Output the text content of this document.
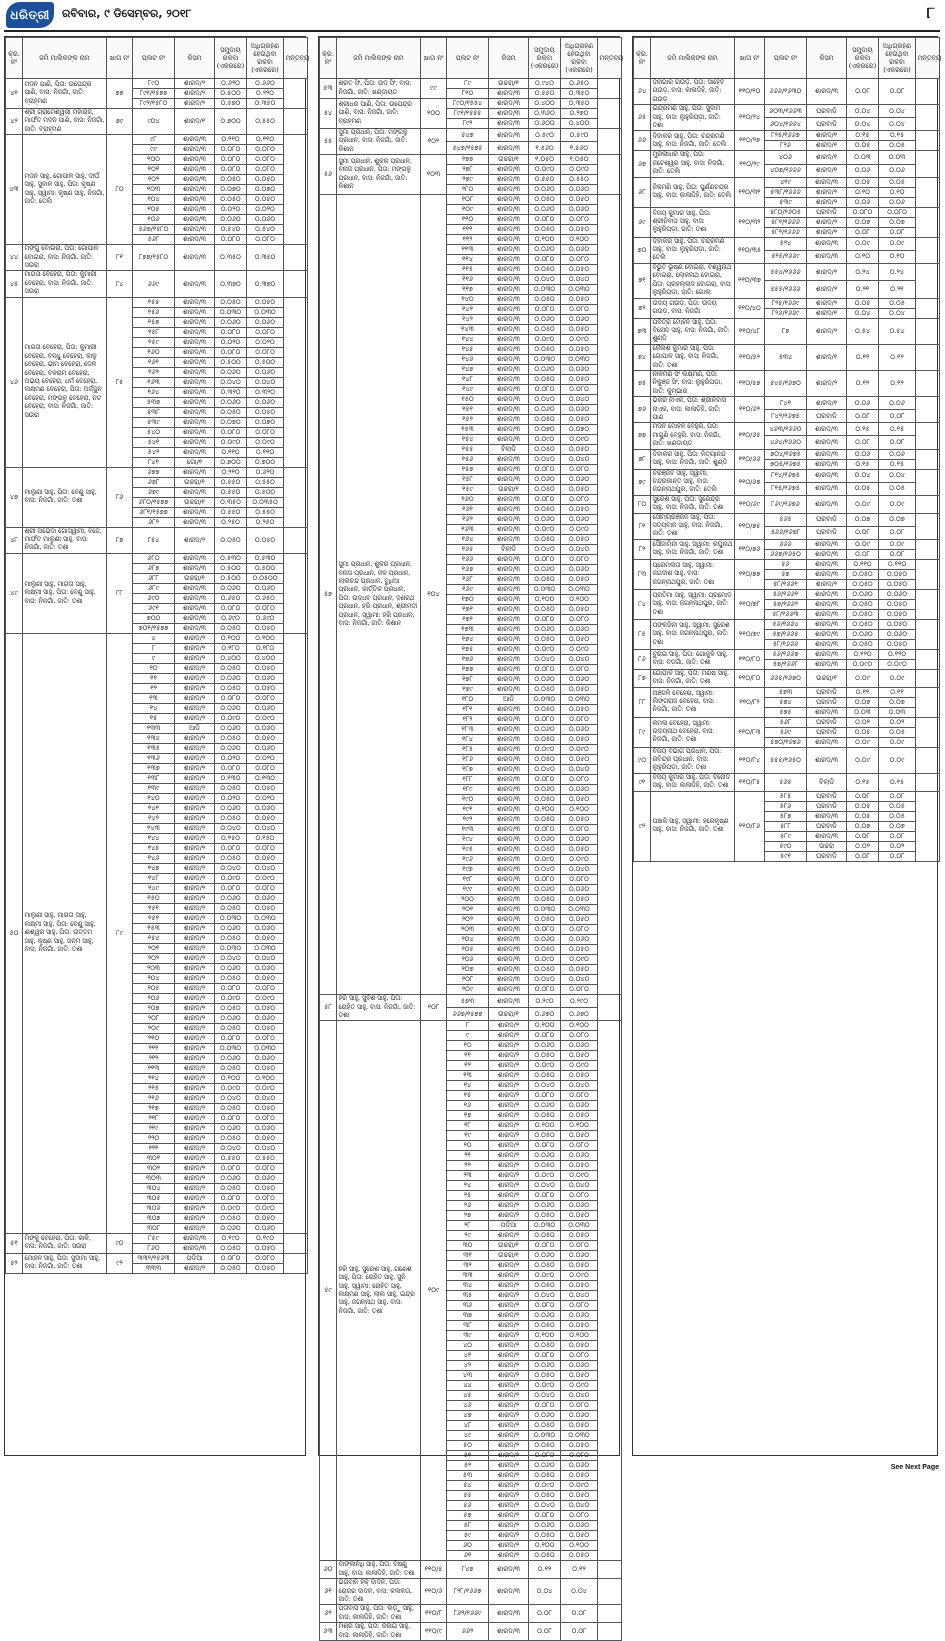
ଧରିତ୍ରୀ	ରବିବାର, ୯ ଡିସେମ୍ବର, ୨୦୧୮	୮
କ୍ର. ନଂ	ଜମି ମାଲିକଙ୍କ ନାମ	ଖାତା ନଂ	ପ୍ଲଟ ନଂ	କିସମ	ସମୁଦାୟ ରକବା (ଏକରରେ)	ଅଧିଗ୍ରହଣ ହେଉଥିବା ରକବା (ଏକରରେ)	ମନ୍ତବ୍ୟ
୪୧	ମଦନ ପାଣି, ପିତା: ଉପେନ୍ଦ୍ର ପାଣି, ବାସ: ନିଜଗାଁ, ଜାତି: ବ୍ରାହ୍ମଣ	୭୭	୮୯୦	ଶାରଦ/୨	୦.୬୨୦	୦.୬୬୦	
			୮୯୧/୧୫୭୭	ଶାରଦ/୨	୦.୫୦୦	୦.୨୨୦	
			୮୯୨/୧୫୮୦	ଶାରଦ/୨	୦.୫୭୦	୦.୩୫୦	
୪୨	ଶ୍ରୀ ଗ୍ରାମେଶ୍ୱରୀ ମହାରାଜ, ମାର୍ଫତ ମଦନ ପାଣି, ବାସ: ନିଜଗାଁ, ଜାତି: ବ୍ରାହ୍ମଣ	୭୯	୯୦୪	ଶାରଦ/୧	୦.୭୦୦	୦.୫୫୦	
୪୩	ମଦନ ସାହୁ, ଗୋପାଳ ସାହୁ, ଦୀର୍ଘ ସାହୁ, ସୁବାଳ ସାହୁ, ପିତା: କୃଷ୍ଣ ସାହୁ, ସ୍ୱାମୀ: କୃଷ୍ଣ ସାହୁ, ନିଜଗାଁ, ଜାତି: ତେଲି	୮୦	୯୮	ଶାରଦ/୩	୦.୧୧୦	୦.୧୧୦	
			୯୯	ଶାରଦ/୩	୦.୦୮୦	୦.୦୮୦	
			୧୦୦	ଶାରଦ/୩	୦.୦୮୦	୦.୦୮୦	
			୧୦୧	ଶାରଦ/୩	୦.୦୮୦	୦.୦୮୦	
			୧୦୨	ଶାରଦ/୩	୦.୦୫୦	୦.୦୫୦	
			୧୦୩	ଶାରଦ/୩	୦.୦୭୦	୦.୦୭୦	
			୧୦୪	ଶାରଦ/୩	୦.୦୫୦	୦.୦୫୦	
			୧୦୫	ଶାରଦ/୩	୦.୦୨୦	୦.୦୨୦	
			୧୦୬	ଶାରଦ/୩	୦.୦୬୦	୦.୦୬୦	
			୫୬୭/୧୫୮୦	ଶାରଦ/୩	୦.୫୪୦	୦.୫୪୦	
			୫୬୮	ଶାରଦ/୩	୦.୦୮୦	୦.୦୮୦	
୪୪	ମଙ୍ଗୁ ବୋଇରା, ପିତା: ଗୋପାଳ ବୋଇରା, ବାସ: ନିଜଗାଁ, ଜାତି: ସଉରା	୮୧	୮୭୭/୧୫୮୦	ଶାରଦ/୩	୦.୩୫୦	୦.୩୫୦	
୪୫	ମାଗତା ବେହେରା, ପିତା: କୁମାରୀ ବେହେରା, ବାସ: ନିଜଗାଁ, ଜାତି: ସଉରା	୮୪	୬୬୯	ଶାରଦ/୩	୦.୩୭୦	୦.୩୭୦	
୪୬	ମାଗତା ବେହେରା, ପିତା: କୁମାରୀ ବେହେରା, ବନ୍ଧୁ ବେହେରା, କାଳୁ ବେହେରା, ଭୀମ ବେହେରା, ଦେଳ ବେହେରା, ବଳରାମ ବେହେରା, ଅଭୟ ବେହେରା, ଧର୍ମ ବେହେରା, ଲକ୍ଷ୍ମଣ ବେହେରା, ପିତା: ଅର୍ଜ୍ଜୁନ ବେହେରା, ମଙ୍ଗଳୁ ବେହେରା, ନଟ ବେହେରା, ବାସ: ନିଜଗାଁ, ଜାତି: ସଉରା	୮୫	୧୫୫	ଶାରଦ/୩	୦.୦୫୦	୦.୦୫୦	
			୧୫୬	ଶାରଦ/୩	୦.୦୩୦	୦.୦୩୦	
			୧୫୭	ଶାରଦ/୩	୦.୦୬୦	୦.୦୬୦	
			୧୫୮	ଶାରଦ/୩	୦.୦୮୦	୦.୦୮୦	
			୧୫୯	ଶାରଦ/୩	୦.୦୨୦	୦.୦୨୦	
			୧୬୦	ଶାରଦ/୩	୦.୦୮୦	୦.୦୮୦	
			୧୬୧	ଶାରଦ/୩	୦.୫୦୦	୦.୫୦୦	
			୧୬୨	ଶାରଦ/୩	୦.୦୬୦	୦.୦୬୦	
			୧୬୩	ଶାରଦ/୩	୦.୦୪୦	୦.୦୪୦	
			୧୬୪	ଶାରଦ/୩	୦.୩୨୦	୦.୩୨୦	
			୫୩୭	ଶାରଦ/୩	୦.୦୬୦	୦.୦୬୦	
			୫୩୮	ଶାରଦ/୩	୦.୦୫୦	୦.୦୫୦	
			୫୩୯	ଶାରଦ/୩	୦.୦୭୦	୦.୦୭୦	
			୫୪୦	ଶାରଦ/୩	୦.୦୮୦	୦.୦୮୦	
			୫୪୧	ଶାରଦ/୩	୦.୦୯୦	୦.୦୯୦	
			୫୪୨	ଶାରଦ/୩	୦.୧୧୦	୦.୧୧୦	
			୮୪୧	ଗୋ/୧	୦.୭୦୦	୦.୭୦୦	
୪୭	ମାଲୁଣୀ ସାହୁ, ପିତା: ବେଣୁ ସାହୁ, ବାସ: ନିଜଗାଁ, ଜାତି: ତଶା	୮୬	୬୭୭	ଶାରଦ/୩	୦.୨୧୦	୦.୬୨୦	
			୬୭୮	ଉଚ୍ଚରା/୧	୦.୫୫୦	୦.୫୫୦	
			୬୭୯	ଶାରଦ/୩	୦.୫୫୦	୦.୫୦୦	
			୬୮୦/୧୫୭୭	ଉଚ୍ଚରା/୧	୦.୩୫୦	୦.୦୩୫୦	
			୬୮୧/୧୫୭୭	ଶାରଦ/୩	୦.୫୫୦	୦.୫୫୦	
			୬୮୨	ଶାରଦ/୩	୦.୨୫୦	୦.୨୫୦	
୪୮	ଶ୍ରୀ ଅଭେଦା ଗୋସ୍ୱାମୀ, ବିଜେ, ମାର୍ଫତ ମାଲୁଣୀ ସାହୁ, ବାସ: ନିଜଗାଁ, ଜାତି: ତଶା	୮୭	୮୫୪	ଶାରଦ/୨	୦.୦୫୦	୦.୦୫୦	
୪୯	ମାଲୁଣୀ ସାହୁ, ମାଗତା ସାହୁ, ଲକ୍ଷ୍ମୀ ସାହୁ, ପିତା: ବେଣୁ ସାହୁ, ବାସ: ନିଜଗାଁ, ଜାତି: ତଶା	୮୮	୬୮୦	ଶାରଦ/୩	୦.୫୩୦	୦.୫୩୦	
			୬୮୭	ଶାରଦ/୩	୦.୫୦୦	୦.୫୦୦	
			୬୮୮	ଉଚ୍ଚରା/୧	୦.୫୦୦	୦.୦୫୦୦	
			୬୮୯	ଶାରଦ/୩	୦.୦୬୦	୦.୦୬୦	
			୬୯୦	ଶାରଦ/୩	୦.୬୫୦	୦.୬୫୦	
			୬୯୧	ଶାରଦ/୩	୦.୦୮୦	୦.୦୮୦	
			୭୦୦	ଶାରଦ/୩	୦.୬୯୦	୦.୬୯୦	
			୭୦୧/୧୫୭୭	ଶାରଦ/୩	୦.୦୫୦	୦.୦୫୦	
୫୦	ମାଲୁଣୀ ସାହୁ, ମାଗତା ସାହୁ, ଲକ୍ଷ୍ମୀ ସାହୁ, ପିତା: ବେଣୁ ସାହୁ, ଈଶ୍ୱର ସାହୁ, ପିତା: ଉତ୍ତମ ସାହୁ, କୃଷ୍ଣ ସାହୁ, ଜନ୍ମ ସାହୁ, ବାସ: ନିଜଗାଁ, ଜାତି: ତଶା	୮୯	୪	ଶାରଦ/୨	୦.୧୦୦	୦.୧୦୦	
			୮	ଶାରଦ/୨	୦.୧୮୦	୦.୧୮୦	
			୯	ଶାରଦ/୨	୦.୪୦୦	୦.୪୦୦	
			୧୦	ଶାରଦ/୨	୦.୦୫୦	୦.୦୫୦	
			୧୧	ଶାରଦ/୨	୦.୦୬୦	୦.୦୬୦	
			୧୨	ଶାରଦ/୨	୦.୦୫୦	୦.୦୫୦	
			୧୩	ଶାରଦ/୨	୦.୦୮୦	୦.୦୮୦	
			୧୪	ଶାରଦ/୨	୦.୦୬୦	୦.୦୬୦	
			୧୫	ଶାରଦ/୨	୦.୦୯୦	୦.୦୯୦	
			୧୩୩	ଆଡି	୦.୦୬୦	୦.୦୬୦	
			୧୩୪	ଶାରଦ/୨	୦.୦୫୦	୦.୦୫୦	
			୧୩୫	ଶାରଦ/୨	୦.୦୬୦	୦.୦୬୦	
			୧୩୬	ଶାରଦ/୨	୦.୦୨୦	୦.୦୨୦	
			୧୩୭	ଶାରଦ/୨	୦.୦୮୦	୦.୦୮୦	
			୧୩୮	ଶାରଦ/୨	୦.୧୩୦	୦.୧୩୦	
			୧୩୯	ଶାରଦ/୨	୦.୦୫୦	୦.୦୫୦	
			୧୪୦	ଶାରଦ/୨	୦.୦୨୦	୦.୦୨୦	
			୧୪୧	ଶାରଦ/୨	୦.୦୬୦	୦.୦୬୦	
			୧୪୨	ଶାରଦ/୨	୦.୦୫୦	୦.୦୫୦	
			୧୪୩	ଶାରଦ/୨	୦.୦୪୦	୦.୦୪୦	
			୧୪୪	ଶାରଦ/୨	୦.୧୫୦	୦.୧୫୦	
			୧୪୫	ଶାରଦ/୨	୦.୦୮୦	୦.୦୮୦	
			୧୪୬	ଶାରଦ/୨	୦.୦୫୦	୦.୦୫୦	
			୧୪୭	ଶାରଦ/୨	୦.୦୪୦	୦.୦୪୦	
			୧୪୮	ଶାରଦ/୨	୦.୦୯୦	୦.୦୯୦	
			୧୪୯	ଶାରଦ/୨	୦.୦୮୦	୦.୦୮୦	
			୧୫୦	ଶାରଦ/୨	୦.୦୬୦	୦.୦୬୦	
			୧୫୧	ଶାରଦ/୨	୦.୦୫୦	୦.୦୫୦	
			୧୫୨	ଶାରଦ/୨	୦.୦୩୦	୦.୦୩୦	
			୧୫୩	ଶାରଦ/୨	୦.୦୬୦	୦.୦୬୦	
			୧୫୪	ଶାରଦ/୨	୦.୦୫୦	୦.୦୫୦	
			୨୦୧	ଶାରଦ/୨	୦.୦୩୦	୦.୦୩୦	
			୨୦୨	ଶାରଦ/୨	୦.୦୪୦	୦.୦୪୦	
			୨୦୩	ଶାରଦ/୨	୦.୦୬୦	୦.୦୬୦	
			୨୦୪	ଶାରଦ/୨	୦.୦୫୦	୦.୦୫୦	
			୨୦୫	ଶାରଦ/୨	୦.୦୮୦	୦.୦୮୦	
			୨୦୬	ଶାରଦ/୨	୦.୦୯୦	୦.୦୯୦	
			୨୦୭	ଶାରଦ/୨	୦.୦୫୦	୦.୦୫୦	
			୨୦୮	ଶାରଦ/୨	୦.୦୬୦	୦.୦୬୦	
			୨୦୯	ଶାରଦ/୨	୦.୦୫୦	୦.୦୫୦	
			୨୧୦	ଶାରଦ/୨	୦.୦୮୦	୦.୦୮୦	
			୨୧୧	ଶାରଦ/୨	୦.୦୩୦	୦.୦୩୦	
			୨୧୨	ଶାରଦ/୨	୦.୦୬୦	୦.୦୬୦	
			୨୧୩	ଶାରଦ/୨	୦.୦୫୦	୦.୦୫୦	
			୨୧୪	ଶାରଦ/୨	୦.୧୦୦	୦.୧୦୦	
			୨୧୫	ଶାରଦ/୨	୦.୦୯୦	୦.୦୯୦	
			୨୧୬	ଶାରଦ/୨	୦.୦୪୦	୦.୦୪୦	
			୨୧୭	ଶାରଦ/୨	୦.୦୫୦	୦.୦୫୦	
			୨୧୮	ଶାରଦ/୨	୦.୦୮୦	୦.୦୮୦	
			୨୧୯	ଶାରଦ/୨	୦.୦୬୦	୦.୦୬୦	
			୨୨୦	ଶାରଦ/୨	୦.୦୫୦	୦.୦୫୦	
			୨୨୧	ଶାରଦ/୨	୦.୦୪୦	୦.୦୪୦	
			୩୦୧	ଶାରଦ/୨	୦.୫୫୦	୦.୫୫୦	
			୩୦୨	ଶାରଦ/୨	୦.୦୮୦	୦.୦୮୦	
			୩୦୩	ଶାରଦ/୨	୦.୦୬୦	୦.୦୬୦	
			୩୦୪	ଶାରଦ/୨	୦.୦୫୦	୦.୦୫୦	
			୩୦୫	ଶାରଦ/୨	୦.୦୮୦	୦.୦୮୦	
			୩୦୬	ଶାରଦ/୨	୦.୦୯୦	୦.୦୯୦	
			୩୦୭	ଶାରଦ/୨	୦.୦୫୦	୦.୦୫୦	
			୩୦୮	ଶାରଦ/୨	୦.୦୬୦	୦.୦୬୦	
୫୧	ମିଙ୍କୁ ବେହେରା, ପିତା: କାଳି, ବାସ: ନିଜଗାଁ, ଜାତି: ସଉରା	୯୦	୮୫୯	ଶାରଦ/୩	୦.୧୯୦	୦.୧୯୦	
			୮୬୦	ଶାରଦ/୩	୦.୦୫୦	୦.୦୫୦	
୫୨	ମୋହନ ସାହୁ, ପିତା: ସୁଦାମା ସାହୁ, ବାସ: ନିଜଗାଁ, ଜାତି: ତଶା	୯୨	୩୩୨/୧୫୬୩	ପଡ଼ିଆ	୦.୦୮୦	୦.୦୮୦	
			୩୩୩	ଶାରଦ/୨	୦.୦୫୦	୦.୦୫୦	
କ୍ର. ନଂ	ଜମି ମାଲିକଙ୍କ ନାମ	ଖାତା ନଂ	ପ୍ଲଟ ନଂ	କିସମ	ସମୁଦାୟ ରକବା (ଏକରରେ)	ଅଧିଗ୍ରହଣ ହେଉଥିବା ରକବା (ଏକରରେ)	ମନ୍ତବ୍ୟ
୫୩	ଶରତ ସିଂ, ପିତା: ଉଦ ସିଂ, ବାସ: ନିଜଗାଁ, ଜାତି: ଖଣ୍ଡାୟତ	୯୯	୮୯	ଉଚ୍ଚରା/୧	୦.୯୪୦	୦.୬୫୦	
			୮୧୦	ଶାରଦ/୩	୦.୫୫୦	୦.୩୫୦	
୫୪	ଶ୍ରୀଧର ପାଣି, ପିତା: ଉପେନ୍ଦ୍ର ପାଣି, ବାସ: ନିଜଗାଁ, ଜାତି: ବ୍ରାହ୍ମଣ	୧୦୦	୮୯୦/୧୫୫୪	ଶାରଦ/୩	୦.୪୦୦	୦.୩୫୦	
			୮୯୧/୧୫୫୫	ଶାରଦ/୩	୦.୩୬୦	୦.୨୭୦	
			୮୯୨	ଶାରଦ/୩	୦.୬୦୦	୦.୪୦୦	
୫୫	ସୁମା ପ୍ରଧାନ, ପିତା: ମଙ୍ଗଳୁ ପ୍ରଧାନ, ବାସ: ନିଜଗାଁ, ଜାତି: କିଶାନ	୧୦୨	୫୪୭	ଶାରଦ/୩	୦.୫୯୦	୦.୫୯୦	
			୫୪୭/୧୫୭୫	ଶାରଦ/୩	୧.୫୬୦	୧.୫୬୦	
୫୬	ସୁମା ପ୍ରଧାନ, ଶୁକର ପ୍ରଧାନ, ବନାଜ ପ୍ରଧାନ, ପିତା: ମଙ୍ଗଳୁ ପ୍ରଧାନ, ବାସ: ନିଜଗାଁ, ଜାତି: କିଶାନ	୧୦୩	୨୭୭	ଉଚ୍ଚରା/୧	୧.୦୫୦	୧.୦୫୦	
			୨୭୮	ଶାରଦ/୩	୦.୦୯୦	୦.୦୯୦	
			୨୭୯	ଶାରଦ/୩	୦.୫୫୦	୦.୫୫୦	
			୨୮୦	ଶାରଦ/୩	୦.୦୬୦	୦.୦୬୦	
୫୭	ସୁମା ପ୍ରଧାନ, ଶୁକର ପ୍ରଧାନ, ବନାଜ ପ୍ରଧାନ, ଜଳ ପ୍ରଧାନ, ଲାଲଚନ୍ଦ ପ୍ରଧାନ, ବୁଧିଆ ପ୍ରଧାନ, କାର୍ତ୍ତିକ ପ୍ରଧାନ, ପିତା: ଉଦ୍ଧବ ପ୍ରଧାନ, ଦଶରଥ ପ୍ରଧାନ, ହରି ପ୍ରଧାନ, ଶ୍ରୀମତୀ ପ୍ରଧାନ, ସ୍ୱାମୀ: ହରି ପ୍ରଧାନ, ବାସ: ନିଜଗାଁ, ଜାତି: କିଶାନ	୧୦୪	୧୦୮	ଶାରଦ/୩	୦.୦୫୦	୦.୦୫୦	
			୧୦୯	ଶାରଦ/୩	୦.୦୬୦	୦.୦୬୦	
			୧୧୦	ଶାରଦ/୩	୦.୦୮୦	୦.୦୮୦	
			୧୧୧	ଶାରଦ/୩	୦.୦୫୦	୦.୦୫୦	
			୧୧୨	ଶାରଦ/୩	୦.୧୦୦	୦.୧୦୦	
			୧୧୩	ଶାରଦ/୩	୦.୦୬୦	୦.୦୬୦	
			୧୧୪	ଶାରଦ/୩	୦.୦୮୦	୦.୦୮୦	
			୧୧୫	ଶାରଦ/୩	୦.୦୫୦	୦.୦୫୦	
			୧୧୬	ଶାରଦ/୩	୦.୦୪୦	୦.୦୪୦	
			୧୧୭	ଶାରଦ/୩	୦.୦୩୦	୦.୦୩୦	
			୧୪୦	ଶାରଦ/୩	୦.୦୫୦	୦.୦୫୦	
			୧୪୧	ଶାରଦ/୩	୦.୦୮୦	୦.୦୮୦	
			୧୪୨	ଶାରଦ/୩	୦.୦୬୦	୦.୦୬୦	
			୧୪୩	ଶାରଦ/୩	୦.୦୫୦	୦.୦୫୦	
			୧୪୪	ଶାରଦ/୩	୦.୦୯୦	୦.୦୯୦	
			୧୪୫	ଶାରଦ/୩	୦.୦୫୦	୦.୦୫୦	
			୧୪୬	ଶାରଦ/୩	୦.୦୩୦	୦.୦୩୦	
			୧୪୭	ଶାରଦ/୩	୦.୦୬୦	୦.୦୬୦	
			୧୪୮	ଶାରଦ/୩	୦.୦୫୦	୦.୦୫୦	
			୧୪୯	ଶାରଦ/୩	୦.୦୮୦	୦.୦୮୦	
			୧୫୦	ଶାରଦ/୩	୦.୦୪୦	୦.୦୪୦	
			୧୫୧	ଶାରଦ/୩	୦.୦୬୦	୦.୦୬୦	
			୧୫୨	ଶାରଦ/୩	୦.୦୫୦	୦.୦୫୦	
			୧୫୩	ଶାରଦ/୩	୦.୦୭୦	୦.୦୭୦	
			୧୫୪	ଶାରଦ/୩	୦.୦୯୦	୦.୦୯୦	
			୧୫୫	ବିଲାଡି	୦.୦୫୦	୦.୦୫୦	
			୧୫୬	ଶାରଦ/୩	୦.୦୪୦	୦.୦୪୦	
			୧୫୭	ଶାରଦ/୩	୦.୦୮୦	୦.୦୮୦	
			୧୫୮	ଶାରଦ/୩	୦.୦୬୦	୦.୦୬୦	
			୧୫୯	ଉଚ୍ଚରା/୧	୦.୦୫୦	୦.୦୫୦	
			୧୬୦	ଶାରଦ/୩	୦.୦୮୦	୦.୦୮୦	
			୧୬୧	ଶାରଦ/୩	୦.୦୫୦	୦.୦୫୦	
			୧୬୨	ଶାରଦ/୩	୦.୦୬୦	୦.୦୬୦	
			୧୬୩	ଶାରଦ/୩	୦.୦୯୦	୦.୦୯୦	
			୧୬୪	ଶାରଦ/୩	୦.୦୫୦	୦.୦୫୦	
			୧୬୫	ବିଲାଡି	୦.୦୪୦	୦.୦୪୦	
			୧୬୬	ଶାରଦ/୩	୦.୦୮୦	୦.୦୮୦	
			୧୬୭	ଶାରଦ/୩	୦.୦୬୦	୦.୦୬୦	
			୧୬୮	ଶାରଦ/୩	୦.୦୫୦	୦.୦୫୦	
			୧୬୯	ଶାରଦ/୩	୦.୦୩୦	୦.୦୩୦	
			୧୭୦	ଶାରଦ/୩	୦.୧୦୦	୦.୧୦୦	
			୧୭୧	ଶାରଦ/୩	୦.୦୫୦	୦.୦୫୦	
			୧୭୨	ଶାରଦ/୩	୦.୦୮୦	୦.୦୮୦	
			୧୭୩	ଶାରଦ/୩	୦.୦୬୦	୦.୦୬୦	
			୧୭୪	ଶାରଦ/୩	୦.୦୫୦	୦.୦୫୦	
			୧୭୫	ଶାରଦ/୩	୦.୦୯୦	୦.୦୯୦	
			୧୭୬	ଶାରଦ/୩	୦.୦୪୦	୦.୦୪୦	
			୧୭୭	ଶାରଦ/୩	୦.୦୮୦	୦.୦୮୦	
			୧୭୮	ଶାରଦ/୩	୦.୦୬୦	୦.୦୬୦	
			୧୭୯	ଶାରଦ/୩	୦.୦୫୦	୦.୦୫୦	
			୧୮୦	ଆଡି	୦.୦୩୦	୦.୦୩୦	
			୧୮୧	ଶାରଦ/୩	୦.୦୫୦	୦.୦୫୦	
			୧୮୨	ଶାରଦ/୩	୦.୦୮୦	୦.୦୮୦	
			୧୮୩	ଶାରଦ/୩	୦.୦୬୦	୦.୦୬୦	
			୧୮୪	ଶାରଦ/୩	୦.୦୫୦	୦.୦୫୦	
			୧୮୫	ଶାରଦ/୩	୦.୦୯୦	୦.୦୯୦	
			୧୮୬	ଶାରଦ/୩	୦.୦୫୦	୦.୦୫୦	
			୧୮୭	ଶାରଦ/୩	୦.୦୪୦	୦.୦୪୦	
			୧୮୮	ଶାରଦ/୩	୦.୦୮୦	୦.୦୮୦	
			୧୮୯	ଶାରଦ/୩	୦.୦୬୦	୦.୦୬୦	
			୧୯୦	ଶାରଦ/୩	୦.୦୫୦	୦.୦୫୦	
			୧୯୧	ଶାରଦ/୩	୦.୧୦୦	୦.୧୦୦	
			୧୯୨	ଶାରଦ/୩	୦.୦୫୦	୦.୦୫୦	
			୧୯୩	ଶାରଦ/୩	୦.୦୮୦	୦.୦୮୦	
			୧୯୪	ଶାରଦ/୩	୦.୦୬୦	୦.୦୬୦	
			୧୯୫	ଶାରଦ/୩	୦.୦୫୦	୦.୦୫୦	
			୧୯୬	ଶାରଦ/୩	୦.୦୯୦	୦.୦୯୦	
			୧୯୭	ଶାରଦ/୩	୦.୦୪୦	୦.୦୪୦	
			୧୯୮	ଶାରଦ/୩	୦.୦୮୦	୦.୦୮୦	
			୧୯୯	ଶାରଦ/୩	୦.୦୬୦	୦.୦୬୦	
			୨୦୦	ଶାରଦ/୩	୦.୦୫୦	୦.୦୫୦	
			୨୦୧	ଶାରଦ/୩	୦.୦୩୦	୦.୦୩୦	
			୨୦୨	ଶାରଦ/୩	୦.୦୫୦	୦.୦୫୦	
			୨୦୩	ଶାରଦ/୩	୦.୦୮୦	୦.୦୮୦	
			୨୦୪	ଶାରଦ/୩	୦.୦୬୦	୦.୦୬୦	
			୨୦୫	ଶାରଦ/୩	୦.୦୫୦	୦.୦୫୦	
			୨୦୬	ଶାରଦ/୩	୦.୦୯୦	୦.୦୯୦	
			୨୦୭	ଶାରଦ/୩	୦.୦୫୦	୦.୦୫୦	
			୨୦୮	ଶାରଦ/୩	୦.୦୪୦	୦.୦୪୦	
			୨୦୯	ଶାରଦ/୩	୦.୦୮୦	୦.୦୮୦	
୫୮	ହରି ସାହୁ, ସୁବିଶ ସାହୁ, ପିତା: ରୋହିତ ସାହୁ, ବାସ: ନିଜଗାଁ, ଜାତି: ତଶା	୧୦୮	୫୭୩	ଶାରଦ/୩	୦.୨୯୦	୦.୨୯୦	
			୬୬୭/୧୫୭୭	ଉଚ୍ଚରା/୧	୦.୬୭୦	୦.୬୭୦	
୫୯	ହରି ସାହୁ, ସୁରେଶ ସାହୁ, ଗଣେଶ ସାହୁ, ପିତା: ରୋହିତ ସାହୁ, ସୁନି ସାହୁ, ସ୍ୱାମୀ: ରୋହିତ ସାହୁ, ଲକ୍ଷ୍ମଣ ସାହୁ, ଲାଲ ସାହୁ, ଇନ୍ଦ୍ର ସାହୁ, ଜଗନ୍ନାଥ ସାହୁ, ବାସ: ନିଜଗାଁ, ଜାତି: ତଶା	୧୦୯	୮	ଶାରଦ/୨	୦.୧୦୦	୦.୧୦୦	
			୯	ଶାରଦ/୨	୦.୦୮୦	୦.୦୮୦	
			୧୦	ଶାରଦ/୨	୦.୦୬୦	୦.୦୬୦	
			୧୧	ଶାରଦ/୨	୦.୦୫୦	୦.୦୫୦	
			୧୨	ଶାରଦ/୨	୦.୦୯୦	୦.୦୯୦	
			୧୩	ଶାରଦ/୨	୦.୦୫୦	୦.୦୫୦	
			୧୪	ଶାରଦ/୨	୦.୦୪୦	୦.୦୪୦	
			୧୫	ଶାରଦ/୨	୦.୦୮୦	୦.୦୮୦	
			୧୬	ଶାରଦ/୨	୦.୦୬୦	୦.୦୬୦	
			୧୭	ଶାରଦ/୨	୦.୦୫୦	୦.୦୫୦	
			୧୮	ଶାରଦ/୨	୦.୧୦୦	୦.୧୦୦	
			୧୯	ଶାରଦ/୨	୦.୦୫୦	୦.୦୫୦	
			୨୦	ଶାରଦ/୨	୦.୦୮୦	୦.୦୮୦	
			୨୧	ଶାରଦ/୨	୦.୦୬୦	୦.୦୬୦	
			୨୨	ଶାରଦ/୨	୦.୦୫୦	୦.୦୫୦	
			୨୩	ଶାରଦ/୨	୦.୦୯୦	୦.୦୯୦	
			୨୪	ଶାରଦ/୨	୦.୦୪୦	୦.୦୪୦	
			୨୫	ଶାରଦ/୨	୦.୦୮୦	୦.୦୮୦	
			୨୬	ଶାରଦ/୨	୦.୦୬୦	୦.୦୬୦	
			୨୭	ଶାରଦ/୨	୦.୦୫୦	୦.୦୫୦	
			୨୮	ପଡ଼ିଆ	୦.୦୩୦	୦.୦୩୦	
			୨୯	ଶାରଦ/୨	୦.୦୫୦	୦.୦୫୦	
			୩୦	ଉଚ୍ଚରା/୧	୦.୦୮୦	୦.୦୮୦	
			୩୧	ଉଚ୍ଚରା/୧	୦.୦୬୦	୦.୦୬୦	
			୩୨	ଶାରଦ/୨	୦.୦୫୦	୦.୦୫୦	
			୩୩	ଶାରଦ/୨	୦.୦୯୦	୦.୦୯୦	
			୩୪	ଶାରଦ/୨	୦.୦୫୦	୦.୦୫୦	
			୩୫	ଶାରଦ/୨	୦.୦୪୦	୦.୦୪୦	
			୩୬	ଶାରଦ/୨	୦.୦୮୦	୦.୦୮୦	
			୩୭	ଶାରଦ/୨	୦.୦୬୦	୦.୦୬୦	
			୩୮	ଶାରଦ/୨	୦.୦୫୦	୦.୦୫୦	
			୩୯	ଶାରଦ/୨	୦.୧୦୦	୦.୧୦୦	
			୪୦	ଶାରଦ/୨	୦.୦୫୦	୦.୦୫୦	
			୪୧	ଶାରଦ/୨	୦.୦୮୦	୦.୦୮୦	
			୪୨	ଶାରଦ/୨	୦.୦୬୦	୦.୦୬୦	
			୪୩	ଶାରଦ/୨	୦.୦୫୦	୦.୦୫୦	
			୪୪	ଶାରଦ/୨	୦.୦୯୦	୦.୦୯୦	
			୪୫	ଶାରଦ/୨	୦.୦୪୦	୦.୦୪୦	
			୪୬	ଶାରଦ/୨	୦.୦୮୦	୦.୦୮୦	
			୪୭	ଶାରଦ/୨	୦.୦୬୦	୦.୦୬୦	
			୪୮	ଶାରଦ/୨	୦.୦୫୦	୦.୦୫୦	
			୪୯	ଶାରଦ/୨	୦.୦୩୦	୦.୦୩୦	
			୫୦	ଶାରଦ/୨	୦.୦୫୦	୦.୦୫୦	
			୫୧	ଶାରଦ/୨	୦.୦୮୦	୦.୦୮୦	
			୫୨	ଶାରଦ/୨	୦.୦୬୦	୦.୦୬୦	
			୫୩	ଶାରଦ/୨	୦.୦୫୦	୦.୦୫୦	
			୫୪	ଶାରଦ/୨	୦.୦୯୦	୦.୦୯୦	
			୫୫	ଶାରଦ/୨	୦.୦୫୦	୦.୦୫୦	
			୫୬	ଶାରଦ/୨	୦.୦୪୦	୦.୦୪୦	
			୫୭	ଶାରଦ/୨	୦.୦୮୦	୦.୦୮୦	
			୫୮	ଶାରଦ/୨	୦.୦୬୦	୦.୦୬୦	
			୫୯	ଶାରଦ/୨	୦.୦୫୦	୦.୦୫୦	
			୬୦	ଶାରଦ/୨	୦.୧୦୦	୦.୧୦୦	
			୬୧	ଶାରଦ/୨	୦.୦୫୦	୦.୦୫୦	
୬୦	ବାଙ୍କାନିଧି ସାହୁ, ପିତା: ବିଷ୍ଣୁ ସାହୁ, ବାସ: କାଳାଡିହି, ଜାତି: ତଶା	୧୧୦/୫	୮୪୭	ଶାରଦ/୩	୦.୧୨	୦.୧୨	
୬୧	ଭଗବାନ ହକ୍ ଦାଦନ, ପିତା: ରୋଜର ଦାଦନ, ବାସ: କଲକତା, ଜାତି: ତଶା	୧୧୦/୬	୮୨୮/୧୬୬୭	ଶାରଦ/୩	୦.୦୪	୦.୦୪	
୬୨	ପିତାବାସ ସାହୁ, ପିତା: ଲଡ଼ୁ ସାହୁ, ବାସ: କାଳାଡିହି, ଜାତି: ତଶା	୧୧୦/୮	୮୬୨/୧୬୬୯	ଶାରଦ/୩	୦.୦୮	୦.୦୮	
୬୩	ମିଶ୍ର ସାହୁ, ପିତା: କଳାଇ ସାହୁ, ବାସ: କାଳାଡିହି, ଜାତି: ତଶା	୧୧୦/୯	୬୬୨	ଶାରଦ/୩	୦.୦୮	୦.୦୮	
କ୍ର. ନଂ	ଜମି ମାଲିକଙ୍କ ନାମ	ଖାତା ନଂ	ପ୍ଲଟ ନଂ	କିସମ	ସମୁଦାୟ ରକବା (ଏକରରେ)	ଅଧିଗ୍ରହଣ ହେଉଥିବା ରକବା (ଏକରରେ)	ମନ୍ତବ୍ୟ
୬୪	ଦିନାଗାର ଗଉଡ଼, ପିତା: ସାହେବ ଗଉଡ଼, ବାସ: କାଳାଡିହି, ଜାତି: ଗଉଡ଼	୧୧୦/୧୦	୬୬୬/୧୬୩୦	ଶାରଦ/୩	୦.୦୮	୦.୦୮	
୬୫	ଇନ୍ଦ୍ରମଣି ସାହୁ, ପିତା: ସୁଦାମ ସାହୁ, ବାସ: ଲୁହୁରିପଡ଼ା, ଜାତି: ତଶା	୧୧୦/୨୪	୬୦୩/୧୬୬୩	ଘରବାଡି	୦.୦୪	୦.୦୪	
			୬୦୪/୧୬୬୪	ଘରବାଡି	୦.୦୪	୦.୦୪	
୬୬	ଦିବାକର ସାହୁ, ପିତା: ଚନ୍ଦ୍ରମଣି ସାହୁ, ବାସ: ନିଜଗାଁ, ଜାତି: ତେଲି	୧୧୦/୨୭	୮୨୫/୧୬୬୭	ଶାରଦ/୧	୦.୧୫	୦.୧୫	
			୮୨୬	ଶାରଦ/୧	୦.୦୫	୦.୦୫	
୬୭	ମୁରଲୀଧର ସାହୁ, ପିତା: ଜଟେଶ୍ୱର ସାହୁ, ବାସ: ନିଜଗାଁ, ଜାତି: ତେଲି	୧୧୦/୨୯	୪୦୬	ଶାରଦ/୧	୦.୦୩	୦.୦୩	
			୪୦୭/୧୬୬୬	ଶାରଦ/୧	୦.୦୬	୦.୦୬	
୬୮	ଜିକମଣି ସାହୁ, ପିତା: ପୁର୍ଣ୍ଣଚନ୍ଦ୍ର ସାହୁ, ବାସ: କାଳାଡିହି, ଜାତି: ତେଲି	୧୧୦/୩୧	୪୧୯	ଶାରଦ/୩	୦.୦୫	୦.୦୫	
			୫୩୮/୧୬୬୬	ଶାରଦ/୨	୦.୧୦	୦.୧୦	
			୫୩୯	ଶାରଦ/୨	୦.୦୬	୦.୦୬	
୬୯	ବିଜୟ କୁମାର ସାହୁ, ପିତା: ଶ୍ରୀନିବାସ ସାହୁ, ବାସ: ଲୁହୁରିପଡ଼ା, ଜାତି: ତଶା	୧୧୦/୩୨	୫୮୦/୧୬୦୫	ଘରବାଡି	୦.୦୮୦	୦.୦୮୦	
			୫୮୧/୧୬୬୬	ଶାରଦ/୨	୦.୦୭	୦.୦୭	
			୫୮୨/୧୬୬୬	ଶାରଦ/୨	୦.୦୮	୦.୦୮	
୭୦	ଦିବାକର ସାହୁ, ପିତା: ଚନ୍ଦ୍ରମଣି ସାହୁ, ବାସ: ଲୁହୁରିପଡ଼ା, ଜାତି: ତେଲି	୧୧୦/୩୫	୫୨୪	ଶାରଦ/୩	୦.୦୯	୦.୦୯	
			୫୨୫/୧୬୬୯	ଶାରଦ/୩	୦.୧୦	୦.୧୦	
୭୧	ବିଭୁତି ଭୂଷଣ ବୋଇରା, ବିଶ୍ୱନାଥ ବୋଇରା, ଲୋକନାଥ ବୋଇରା, ପିତା: ପ୍ରହଲ୍ଲାଦ ବୋଇରା, ବାସ: ଲୁହୁରିପଡ଼ା, ଜାତି: ଗୋଲା	୧୧୦/୩୭	୫୫୪/୧୬୬୬	ଶାରଦ/୨	୦.୨୪	୦.୨୪	
			୫୫୫/୧୬୬୬	ଶାରଦ/୨	୦.୨୧	୦.୨୧	
୭୨	ଉଦୟ ଗଉଡ଼, ପିତା: ଉଦୟ ଗଉଡ଼, ବାସ: ନିଜଗାଁ	୧୧୦/୪୦	୮୨୫/୧୬୬୯	ଶାରଦ/୨	୦.୦୫	୦.୦୫	
			୮୨୬/୧୬୬୯	ଶାରଦ/୧	୦.୦୪	୦.୦୪	
୭୩	ପବିତ୍ର ମୋହନ ସାହୁ, ପିତା: ବିନୋଦ ସାହୁ, ବାସ: ନିଜଗାଁ, ଜାତି: ଶୁଣ୍ଡି	୧୧୦/୪୮	୮୭	ଶାରଦ/୨	୦.୫୪	୦.୫୪	
୭୪	କୈଳାଶ କୁମାର ସାହୁ, ପିତା: ଗୋପାଳ ସାହୁ, ବାସ: ନିଜଗାଁ, ଜାତି: ତଶା	୧୧୦/୫୨	୫୩୪	ଶାରଦ/୧	୦.୧୨	୦.୧୨	
୭୫	ନୀଳମଣି ସିଂ ଲକ୍ଷ୍ମଣ, ପିତା: ନିକୁଞ୍ଜ ସିଂ, ବାସ: ଲୁହୁରିପଡ଼ା, ଜାତି: କୁମ୍ଭାର	୧୧୦/୫୭	୫୪୫/୧୬୭୦	ଶାରଦ/୨	୦.୧୨	୦.୧୨	
୭୬	ଭିକର ନାଏକ, ପିତା: ଶ୍ରୀନିବାସ ନାଏକ, ବାସ: କାଳାଡିହି, ଜାତି: ପାଣ	୧୧୦/୬୨	୮୪୧	ଶାରଦ/୧	୦.୦୬	୦.୦୬	
			୮୪୨/୧୬୭୫	ଘରବାଡି	୦.୦୮	୦.୦୮	
୭୭	ମଦନ ମୋହନ ବେହୁରି, ପିତା: ମାଗୁଣି ବେହୁରି, ବାସ: ନିଜଗାଁ, ଜାତି: ଖଣ୍ଡାୟତ	୧୧୦/୬୫	୪୬୩/୧୬୬୦	ଶାରଦ/୩	୦.୧୫	୦.୧୫	
			୪୬୪/୧୬୬୦	ଶାରଦ/୩	୦.୦୮	୦.୦୮	
୭୮	ଦିବାକର ସାହୁ, ପିତା: ନିତ୍ୟାନନ୍ଦ ସାହୁ, ବାସ: ନିଜଗାଁ, ଜାତି: ଶୁଣ୍ଡି	୧୧୦/୬୬	୭୦୪/୧୬୭୫	ଶାରଦ/୩	୦.୦୬	୦.୦୬	
			୭୦୫/୧୬୭୫	ଶାରଦ/୩	୦.୧୫	୦.୧୫	
୭୯	ଚିରଞ୍ଜିବ ସାହୁ, ସ୍ୱାମୀ: ଚନ୍ଦ୍ରକାନ୍ତ ସାହୁ, ବାସ: ଜଗନ୍ନାଥପୁର, ଜାତି: ତେଲି	୧୧୦/୬୭	୮୧୪/୧୬୭୫	ଶାରଦ/୩	୦.୦୪	୦.୦୪	
			୮୧୫/୧୬୭୫	ଶାରଦ/୩	୦.୦୫	୦.୦୫	
୮୦	ସୁରେଶ ସାହୁ, ପିତା: ସୁରେନ୍ଦ୍ର ସାହୁ, ବାସ: ନିଜଗାଁ, ଜାତି: ତଶା	୧୧୦/୬୯	୮୬୯/୧୬୭୬	ଶାରଦ/୩	୦.୦୯	୦.୦୯	
୮୧	ସୌମ୍ୟରଞ୍ଜନ ସାହୁ, ପିତା: ସତ୍ୟବାନ ସାହୁ, ବାସ: ନିଜଗାଁ, ଜାତି: ତଶା	୧୧୦/୭୫	୫୬୫	ଘରବାଡି	୦.୦୭	୦.୦୭	
			୫୬୬/୧୬୭୮	ଘରବାଡି	୦.୦୮	୦.୦୮	
୮୨	ସୌଦାମିନୀ ସାହୁ, ସ୍ୱାମୀ: ରଘୁନାଥ ସାହୁ, ବାସ: ନିଜଗାଁ, ଜାତି: ତଶା	୧୧୦/୭୬	୬୬୬	ଶାରଦ/୩	୦.୦୯	୦.୦୯	
			୬୬୭/୧୬୫୦	ଶାରଦ/୩	୦.୦୮	୦.୦୮	
୮୩	ପ୍ରେମଲତା ସାହୁ, ସ୍ୱାମୀ: ଜଗଦୀଶ ସାହୁ, ବାସ: ଜଗନ୍ନାଥପୁର, ଜାତି: ତଶା	୧୧୦/୭୭	୫୬	ଶାରଦ/୩	୦.୧୧୦	୦.୧୧୦	
			୫୭	ଶାରଦ/୩	୦.୦୫୦	୦.୦୫୦	
			୫୮/୧୬୬୧	ଶାରଦ/୨	୦.୦୫୦	୦.୦୫୦	
୮୪	ପ୍ରତିମା ସାହୁ, ସ୍ୱାମୀ: ପ୍ରମୋଦ ସାହୁ, ବାସ: ଜଗନ୍ନାଥପୁର, ଜାତି: ତଶା	୧୧୦/୭୮	୫୬/୧୬୬୧	ଶାରଦ/୩	୦.୦୬୦	୦.୦୬୦	
			୫୭/୧୬୬୨	ଶାରଦ/୩	୦.୦୫୦	୦.୦୫୦	
			୫୮/୧୬୬୩	ଶାରଦ/୩	୦.୦୫୦	୦.୦୫୦	
୮୫	ପଙ୍କଜିନୀ ସାହୁ, ସ୍ୱାମୀ: ସୁରେଶ ସାହୁ, ବାସ: ଜଗନ୍ନାଥପୁର, ଜାତି: ତଶା	୧୧୦/୭୯	୫୬/୧୬୬୪	ଶାରଦ/୩	୦.୦୫୦	୦.୦୫୦	
			୫୭/୧୬୬୫	ଶାରଦ/୩	୦.୦୬୦	୦.୦୬୦	
			୫୮/୧୬୬୬	ଶାରଦ/୩	୦.୦୫୦	୦.୦୫୦	
୮୬	ବୁରାଇ ସାହୁ, ପିତା: ଗୋକୁଳି ସାହୁ, ବାସ: ବଡ଼ଗାଁ, ଜାତି: ତଶା	୧୧୦/୮୦	୫୬/୧୬୬୭	ଶାରଦ/୩	୦.୧୨୦	୦.୧୨୦	
			୫୭/୧୬୬୮	ଶାରଦ/୩	୦.୦୯୦	୦.୦୯୦	
୮୭	ଗୋପାଳ ସାହୁ, ପିତା: ମଣିଷ ସାହୁ, ବାସ: ନିଜଗାଁ, ଜାତି: ତଶା	୧୧୦/୮୦	୬୬୫/୧୬୭୦	ଉଚ୍ଚରା/୧	୦.୦୯	୦.୦୯	
୮୮	ଅଞ୍ଜଳି ବେହେରା, ସ୍ୱାମୀ: ଲିଙ୍ଗରାଜ ବେହେରା, ବାସ: ନିଜଗାଁ, ଜାତି: ତଶା	୧୧୦/୮୨	୫୭୩	ଘରବାଡି	୦.୧୧	୦.୧୧	
			୫୭୪	ଘରବାଡି	୦.୦୭	୦.୦୭	
			୫୭୫	ଶାରଦ/୩	୦.୦୩	୦.୦୩	
୮୯	କମଳା ବେହେରା, ସ୍ୱାମୀ: ଉଦୟନାଥ ବେହେରା, ବାସ: ନିଜଗାଁ, ଜାତି: ତଶା	୧୧୦/୮୩	୫୬୮	ଘରବାଡି	୦.୦୨	୦.୦୨	
			୫୬୯	ଘରବାଡି	୦.୦୫	୦.୦୫	
			୫୭୦/୧୬୭୬	ଶାରଦ/୩	୦.୦୯	୦.୦୯	
୯୦	ବିଜୟ ବିଭାଗ ପ୍ରଧାନ, ପିତା: ରବିନ୍ଦ୍ର ପ୍ରଧାନ, ବାସ: ଲୁହୁରିପଡ଼ା, ଜାତି: ତଶା	୧୧୦/୮୪	୫୫୫/୧୬୫୦	ଶାରଦ/୩	୦.୦୯	୦.୦୯	
୯୧	ବିଜୟ କୁମାର ସାହୁ, ପିତା: ବିନୋଦ ସାହୁ, ବାସ: କାଳାଡିହି, ଜାତି: ତଶା	୧୧୦/୮୫	୫୬୫	ବିଲାଡି	୦.୧୫	୦.୧୫	
୯୨	ପଞ୍ଚାକି ସାହୁ, ସ୍ୱାମୀ: ହରେକୃଷ୍ଣ ସାହୁ, ବାସ: ନିଜଗାଁ, ଜାତି: ତଶା	୧୧୦/୮୬	୫୮୫	ଘରବାଡି	୦.୦୮	୦.୦୮	
			୫୮୬	ଘରବାଡି	୦.୦୫	୦.୦୫	
			୫୮୭	ଶାରଦ/୩	୦.୦୫	୦.୦୫	
			୫୮୮	ଘରବାଡି	୦.୦୭	୦.୦୭	
			୫୮୯	ଶାରଦ/୩	୦.୦୮	୦.୦୮	
			୫୯୦	ଉଚ୍ଚରା	୦.୦୨	୦.୦୨	
			୫୯୧	ଘରବାଡି	୦.୦୮	୦.୦୮	
See Next Page
